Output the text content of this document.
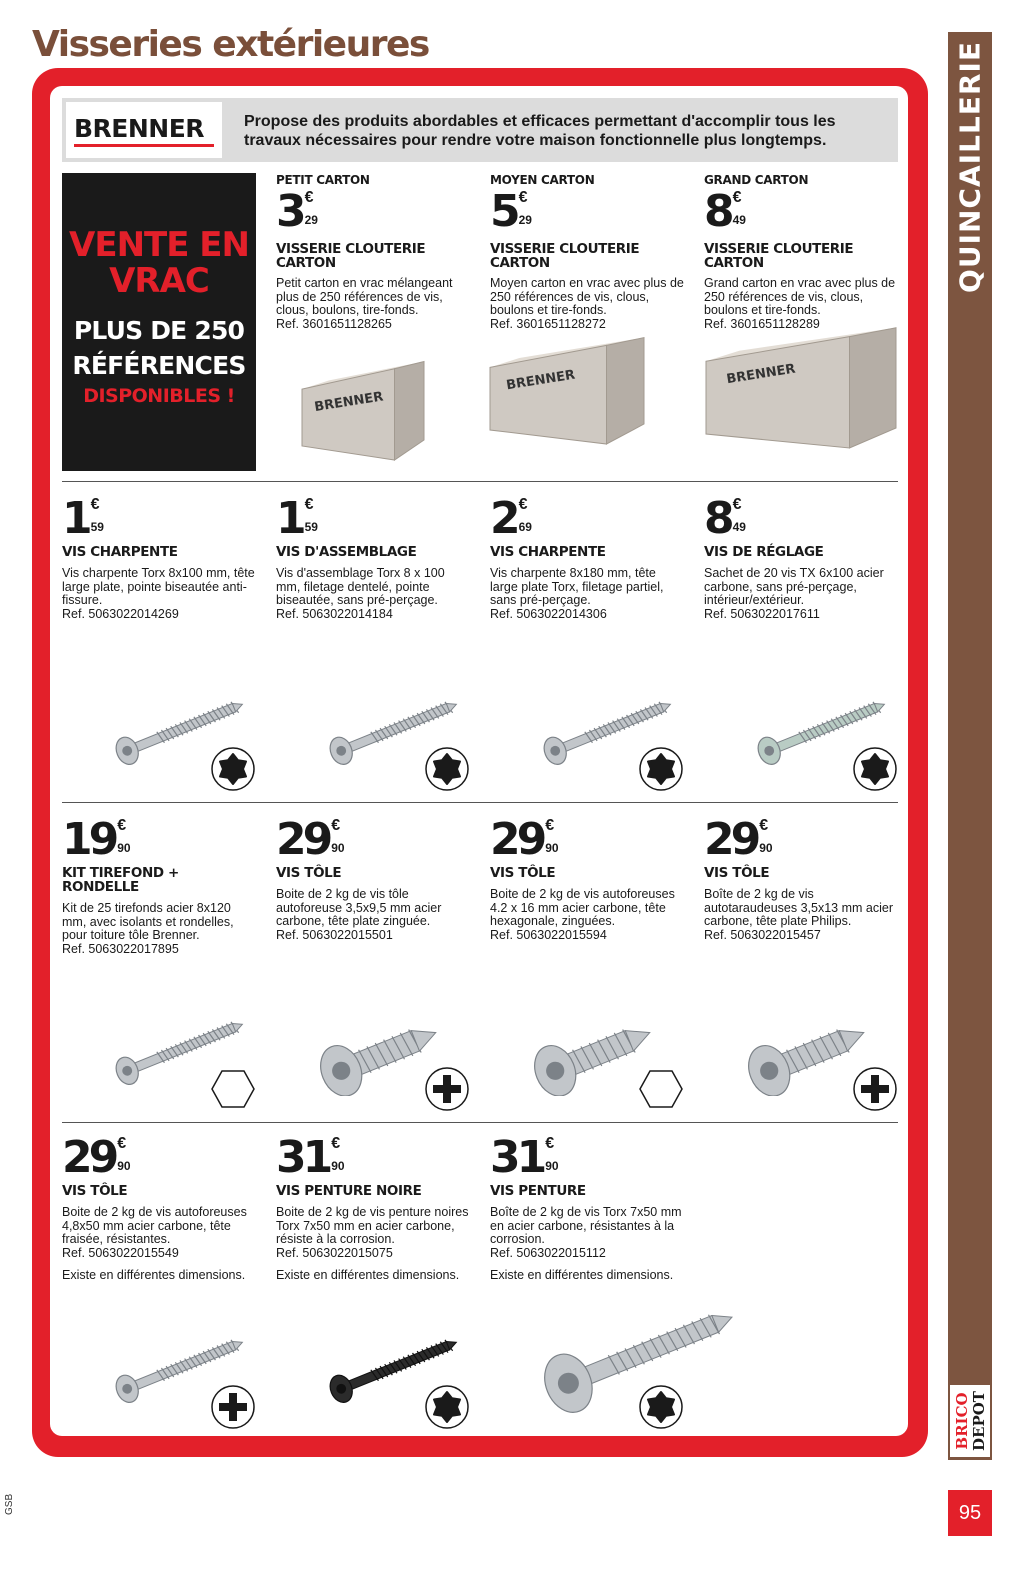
Visseries extérieures	QUINCAILLERIE
BRICO DEPOT
95
GSB
BRENNER	Propose des produits abordables et efficaces permettant d'accomplir tous les travaux nécessaires pour rendre votre maison fonctionnelle plus longtemps.
VENTE EN VRAC
PLUS DE 250 RÉFÉRENCES
DISPONIBLES !
PETIT CARTON
3 €
29
VISSERIE CLOUTERIE CARTON
Petit carton en vrac mélangeant plus de 250 références de vis, clous, boulons, tire-fonds.
Ref. 3601651128265
BRENNER
MOYEN CARTON
5 €
29
VISSERIE CLOUTERIE CARTON
Moyen carton en vrac avec plus de 250 références de vis, clous, boulons et tire-fonds.
Ref. 3601651128272
BRENNER
GRAND CARTON
8 €
49
VISSERIE CLOUTERIE CARTON
Grand carton en vrac avec plus de 250 références de vis, clous, boulons et tire-fonds.
Ref. 3601651128289
BRENNER
1 €
59
VIS CHARPENTE
Vis charpente Torx 8x100 mm, tête large plate, pointe biseautée anti-fissure.
Ref. 5063022014269
1 €
59
VIS D'ASSEMBLAGE
Vis d'assemblage Torx 8 x 100 mm, filetage dentelé, pointe biseautée, sans pré-perçage.
Ref. 5063022014184
2 €
69
VIS CHARPENTE
Vis charpente 8x180 mm, tête large plate Torx, filetage partiel, sans pré-perçage.
Ref. 5063022014306
8 €
49
VIS DE RÉGLAGE
Sachet de 20 vis TX 6x100 acier carbone, sans pré-perçage, intérieur/extérieur.
Ref. 5063022017611
19 €
90
KIT TIREFOND + RONDELLE
Kit de 25 tirefonds acier 8x120 mm, avec isolants et rondelles, pour toiture tôle Brenner.
Ref. 5063022017895
29 €
90
VIS TÔLE
Boite de 2 kg de vis tôle autoforeuse 3,5x9,5 mm acier carbone, tête plate zinguée.
Ref. 5063022015501
29 €
90
VIS TÔLE
Boite de 2 kg de vis autoforeuses 4.2 x 16 mm acier carbone, tête hexagonale, zinguées.
Ref. 5063022015594
29 €
90
VIS TÔLE
Boîte de 2 kg de vis autotaraudeuses 3,5x13 mm acier carbone, tête plate Philips.
Ref. 5063022015457
29 €
90
VIS TÔLE
Boite de 2 kg de vis autoforeuses 4,8x50 mm acier carbone, tête fraisée, résistantes.
Ref. 5063022015549
Existe en différentes dimensions.
31 €
90
VIS PENTURE NOIRE
Boite de 2 kg de vis penture noires Torx 7x50 mm en acier carbone, résiste à la corrosion.
Ref. 5063022015075
Existe en différentes dimensions.
31 €
90
VIS PENTURE
Boîte de 2 kg de vis Torx 7x50 mm en acier carbone, résistantes à la corrosion.
Ref. 5063022015112
Existe en différentes dimensions.
